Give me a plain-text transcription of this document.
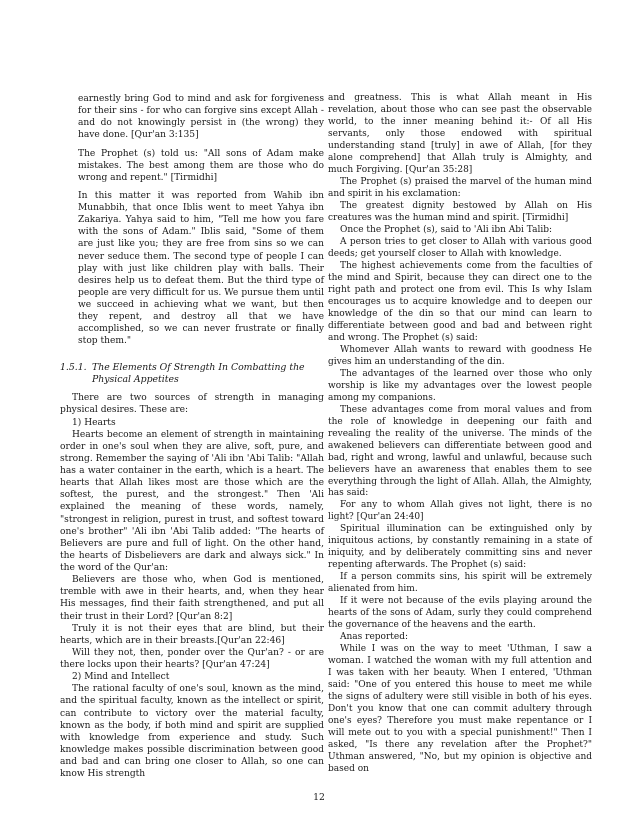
earnestly bring God to mind and ask for forgiveness for their sins - for who can forgive sins except Allah - and do not knowingly persist in (the wrong) they have done. [Qur'an 3:135]

The Prophet (s) told us: "All sons of Adam make mistakes. The best among them are those who do wrong and repent." [Tirmidhi]

In this matter it was reported from Wahib ibn Munabbih, that once Iblis went to meet Yahya ibn Zakariya. Yahya said to him, "Tell me how you fare with the sons of Adam." Iblis said, "Some of them are just like you; they are free from sins so we can never seduce them. The second type of people I can play with just like children play with balls. Their desires help us to defeat them. But the third type of people are very difficult for us. We pursue them until we succeed in achieving what we want, but then they repent, and destroy all that we have accomplished, so we can never frustrate or finally stop them."

1.5.1. The Elements Of Strength In Combatting the Physical Appetites

There are two sources of strength in managing physical desires. These are:

1) Hearts

Hearts become an element of strength in maintaining order in one's soul when they are alive, soft, pure, and strong. Remember the saying of 'Ali ibn 'Abi Talib: "Allah has a water container in the earth, which is a heart. The hearts that Allah likes most are those which are the softest, the purest, and the strongest." Then 'Ali explained the meaning of these words, namely, "strongest in religion, purest in trust, and softest toward one's brother" 'Ali ibn 'Abi Talib added: "The hearts of Believers are pure and full of light. On the other hand, the hearts of Disbelievers are dark and always sick." In the word of the Qur'an:

Believers are those who, when God is mentioned, tremble with awe in their hearts, and, when they hear His messages, find their faith strengthened, and put all their trust in their Lord? [Qur'an 8:2]

Truly it is not their eyes that are blind, but their hearts, which are in their breasts.[Qur'an 22:46]

Will they not, then, ponder over the Qur'an? - or are there locks upon their hearts? [Qur'an 47:24]

2) Mind and Intellect

The rational faculty of one's soul, known as the mind, and the spiritual faculty, known as the intellect or spirit, can contribute to victory over the material faculty, known as the body, if both mind and spirit are supplied with knowledge from experience and study. Such knowledge makes possible discrimination between good and bad and can bring one closer to Allah, so one can know His strength

and greatness. This is what Allah meant in His revelation, about those who can see past the observable world, to the inner meaning behind it:- Of all His servants, only those endowed with spiritual understanding stand [truly] in awe of Allah, [for they alone comprehend] that Allah truly is Almighty, and much Forgiving. [Qur'an 35:28]

The Prophet (s) praised the marvel of the human mind and spirit in his exclamation:

The greatest dignity bestowed by Allah on His creatures was the human mind and spirit. [Tirmidhi]

Once the Prophet (s), said to 'Ali ibn Abi Talib:

A person tries to get closer to Allah with various good deeds; get yourself closer to Allah with knowledge.

The highest achievements come from the faculties of the mind and Spirit, because they can direct one to the right path and protect one from evil. This Is why Islam encourages us to acquire knowledge and to deepen our knowledge of the din so that our mind can learn to differentiate between good and bad and between right and wrong. The Prophet (s) said:

Whomever Allah wants to reward with goodness He gives him an understanding of the din.

The advantages of the learned over those who only worship is like my advantages over the lowest people among my companions.

These advantages come from moral values and from the role of knowledge in deepening our faith and revealing the reality of the universe. The minds of the awakened believers can differentiate between good and bad, right and wrong, lawful and unlawful, because such believers have an awareness that enables them to see everything through the light of Allah. Allah, the Almighty, has said:

For any to whom Allah gives not light, there is no light? [Qur'an 24:40]

Spiritual illumination can be extinguished only by iniquitous actions, by constantly remaining in a state of iniquity, and by deliberately committing sins and never repenting afterwards. The Prophet (s) said:

If a person commits sins, his spirit will be extremely alienated from him.

If it were not because of the evils playing around the hearts of the sons of Adam, surly they could comprehend the governance of the heavens and the earth.

Anas reported:

While I was on the way to meet 'Uthman, I saw a woman. I watched the woman with my full attention and I was taken with her beauty. When I entered, 'Uthman said: "One of you entered this house to meet me while the signs of adultery were still visible in both of his eyes. Don't you know that one can commit adultery through one's eyes? Therefore you must make repentance or I will mete out to you with a special punishment!" Then I asked, "Is there any revelation after the Prophet?" Uthman answered, "No, but my opinion is objective and based on

12
